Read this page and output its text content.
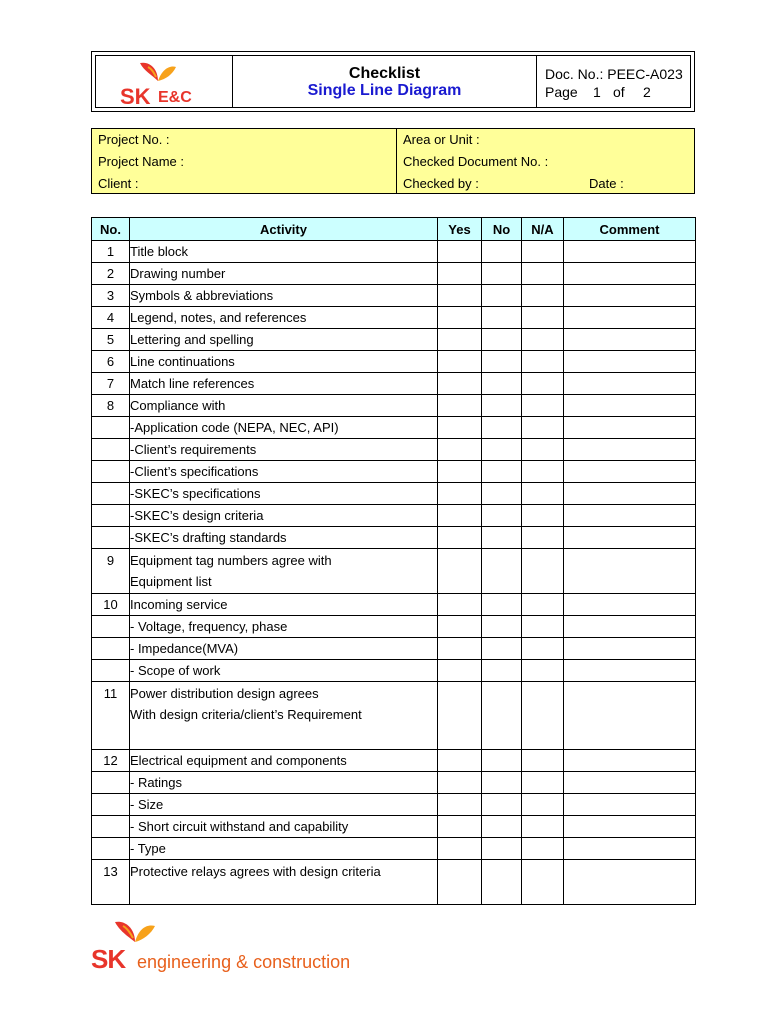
SK E&C
Checklist
Single Line Diagram
Doc. No.: PEEC-A023
Page	1 of	2
Project No. :
Project Name :
Client :
Area or Unit :
Checked Document No. :
Checked by :	Date :
No.	Activity	Yes	No	N/A	Comment
1	Title block				
2	Drawing number				
3	Symbols & abbreviations				
4	Legend, notes, and references				
5	Lettering and spelling				
6	Line continuations				
7	Match line references				
8	Compliance with				
	-Application code (NEPA, NEC, API)				
	-Client’s requirements				
	-Client’s specifications				
	-SKEC’s specifications				
	-SKEC’s design criteria				
	-SKEC’s drafting standards				
9	Equipment tag numbers agree with
Equipment list				

10	Incoming service				
	- Voltage, frequency, phase				
	- Impedance(MVA)				
	- Scope of work				
11	Power distribution design agrees
With design criteria/client’s Requirement				

12	Electrical equipment and components				
	- Ratings				
	- Size				
	- Short circuit withstand and capability				
	- Type				
13	Protective relays agrees with design criteria				
SK engineering & construction
